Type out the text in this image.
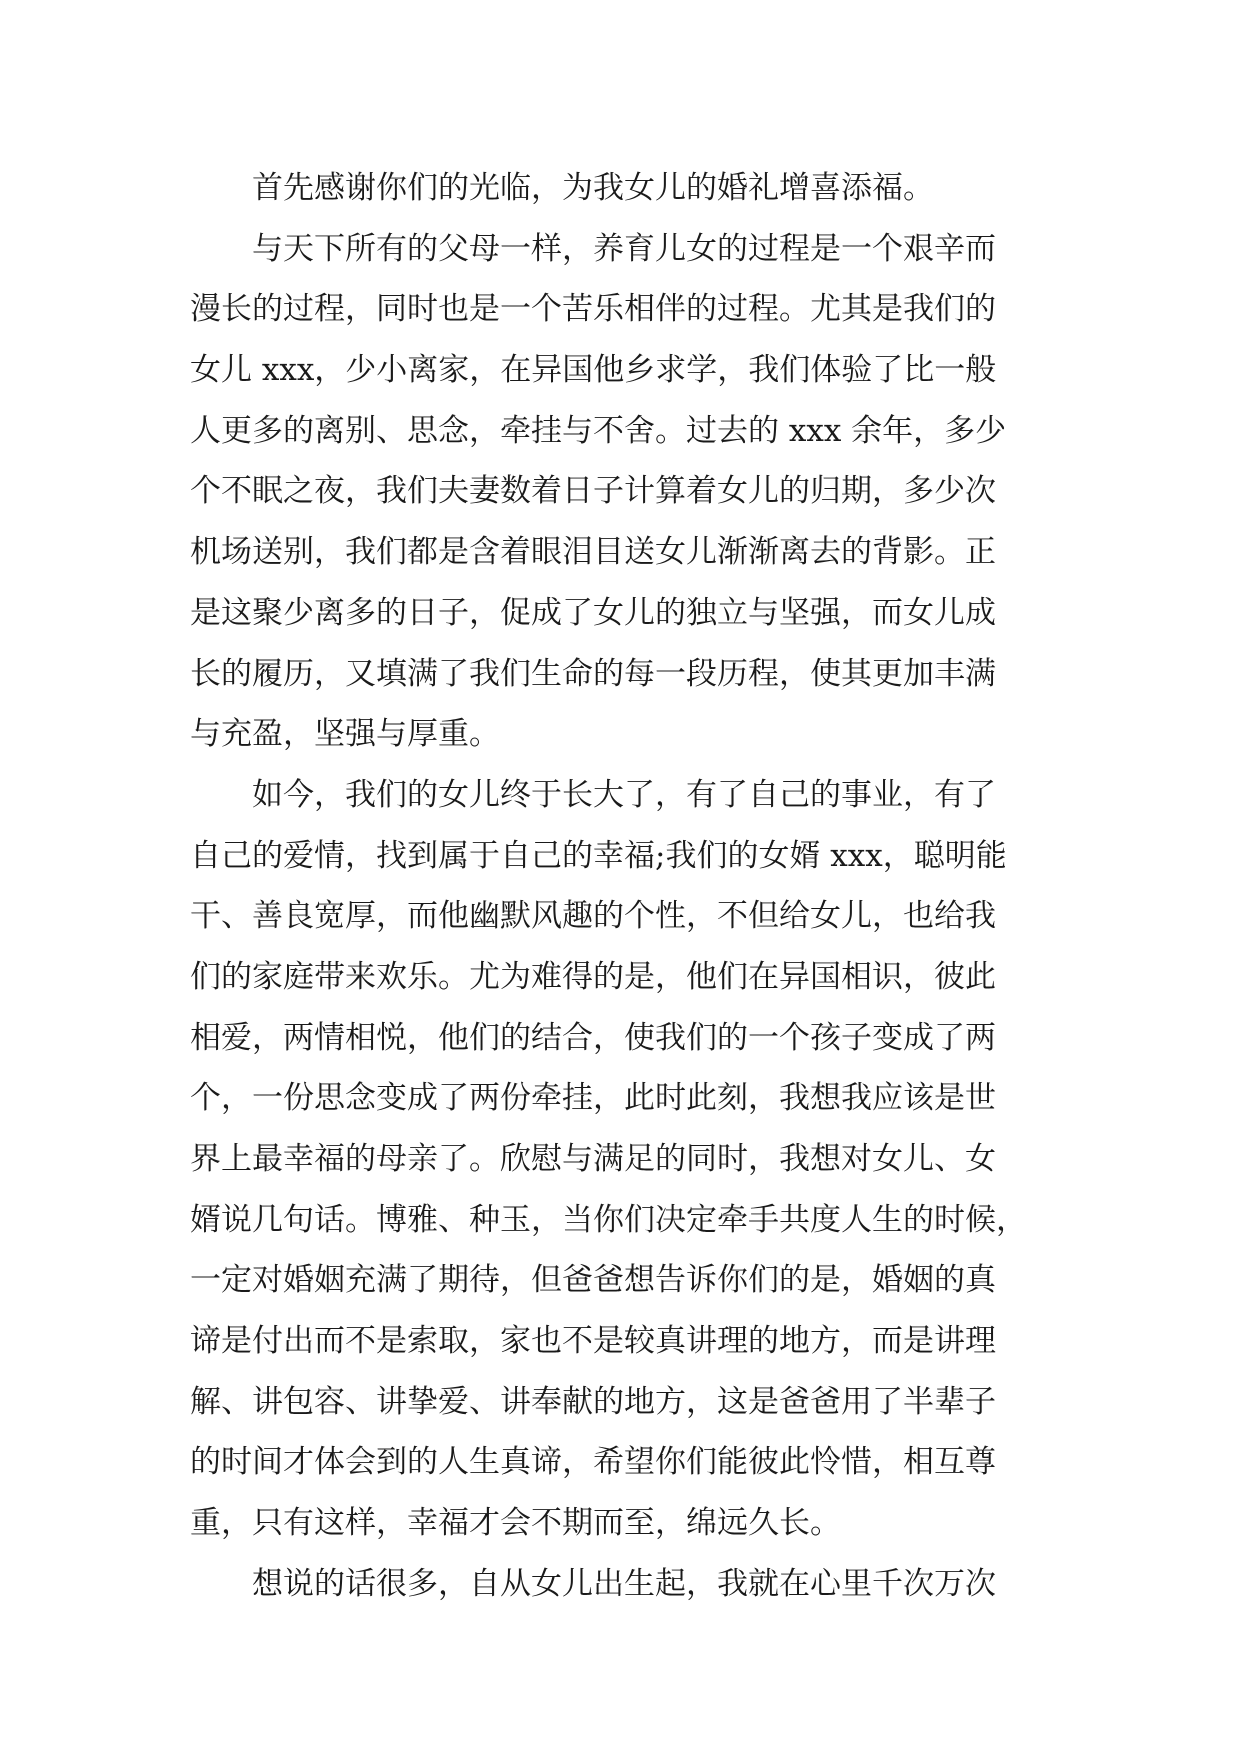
首先感谢你们的光临，为我女儿的婚礼增喜添福。
与天下所有的父母一样，养育儿女的过程是一个艰辛而
漫长的过程，同时也是一个苦乐相伴的过程。尤其是我们的
女儿 xxx，少小离家，在异国他乡求学，我们体验了比一般
人更多的离别、思念，牵挂与不舍。过去的 xxx 余年，多少
个不眠之夜，我们夫妻数着日子计算着女儿的归期，多少次
机场送别，我们都是含着眼泪目送女儿渐渐离去的背影。正
是这聚少离多的日子，促成了女儿的独立与坚强，而女儿成
长的履历，又填满了我们生命的每一段历程，使其更加丰满
与充盈，坚强与厚重。
如今，我们的女儿终于长大了，有了自己的事业，有了
自己的爱情，找到属于自己的幸福;我们的女婿 xxx，聪明能
干、善良宽厚，而他幽默风趣的个性，不但给女儿，也给我
们的家庭带来欢乐。尤为难得的是，他们在异国相识，彼此
相爱，两情相悦，他们的结合，使我们的一个孩子变成了两
个，一份思念变成了两份牵挂，此时此刻，我想我应该是世
界上最幸福的母亲了。欣慰与满足的同时，我想对女儿、女
婿说几句话。博雅、种玉，当你们决定牵手共度人生的时候，
一定对婚姻充满了期待，但爸爸想告诉你们的是，婚姻的真
谛是付出而不是索取，家也不是较真讲理的地方，而是讲理
解、讲包容、讲挚爱、讲奉献的地方，这是爸爸用了半辈子
的时间才体会到的人生真谛，希望你们能彼此怜惜，相互尊
重，只有这样，幸福才会不期而至，绵远久长。
想说的话很多，自从女儿出生起，我就在心里千次万次
